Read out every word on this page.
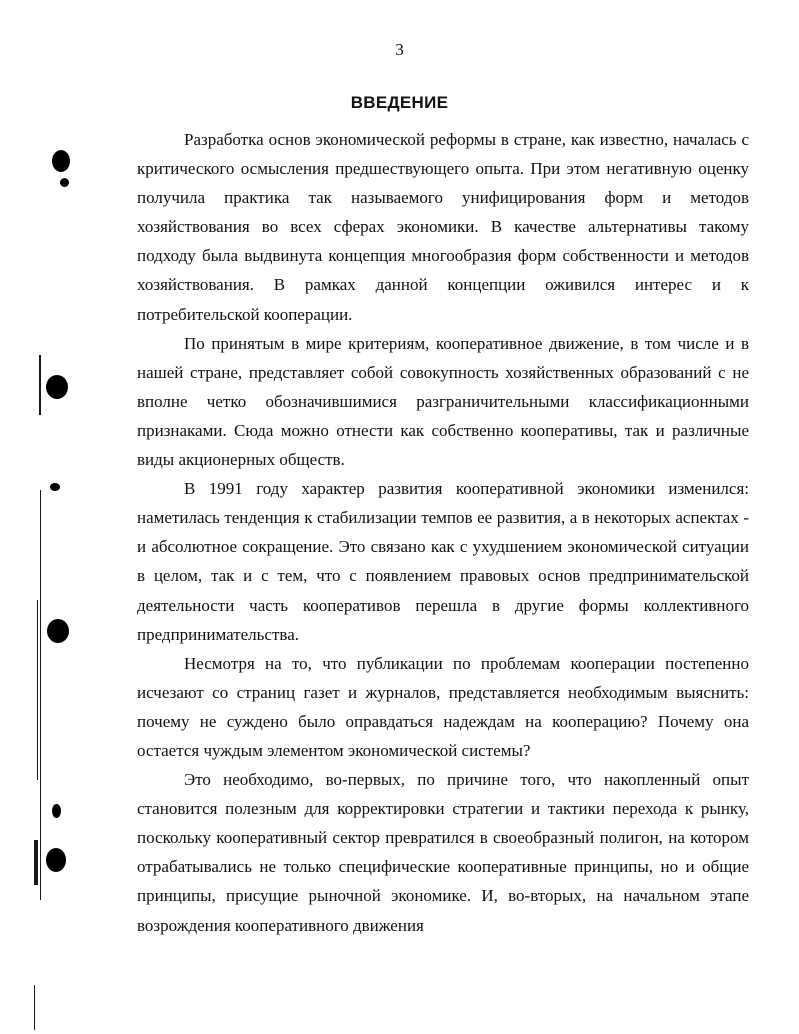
3
ВВЕДЕНИЕ

Разработка основ экономической реформы в стране, как известно, началась с критического осмысления предшествующего опыта. При этом негативную оценку получила практика так называемого унифицирования форм и методов хозяйствования во всех сферах экономики. В качестве альтернативы такому подходу была выдвинута концепция многообразия форм собственности и методов хозяйствования. В рамках данной концепции оживился интерес и к потребительской кооперации.

По принятым в мире критериям, кооперативное движение, в том числе и в нашей стране, представляет собой совокупность хозяйственных образований с не вполне четко обозначившимися разграничительными классификационными признаками. Сюда можно отнести как собственно кооперативы, так и различные виды акционерных обществ.

В 1991 году характер развития кооперативной экономики изменился: наметилась тенденция к стабилизации темпов ее развития, а в некоторых аспектах - и абсолютное сокращение. Это связано как с ухудшением экономической ситуации в целом, так и с тем, что с появлением правовых основ предпринимательской деятельности часть кооперативов перешла в другие формы коллективного предпринимательства.

Несмотря на то, что публикации по проблемам кооперации постепенно исчезают со страниц газет и журналов, представляется необходимым выяснить: почему не суждено было оправдаться надеждам на кооперацию? Почему она остается чуждым элементом экономической системы?

Это необходимо, во-первых, по причине того, что накопленный опыт становится полезным для корректировки стратегии и тактики перехода к рынку, поскольку кооперативный сектор превратился в своеобразный полигон, на котором отрабатывались не только специфические кооперативные принципы, но и общие принципы, присущие рыночной экономике. И, во-вторых, на начальном этапе возрождения кооперативного движения
